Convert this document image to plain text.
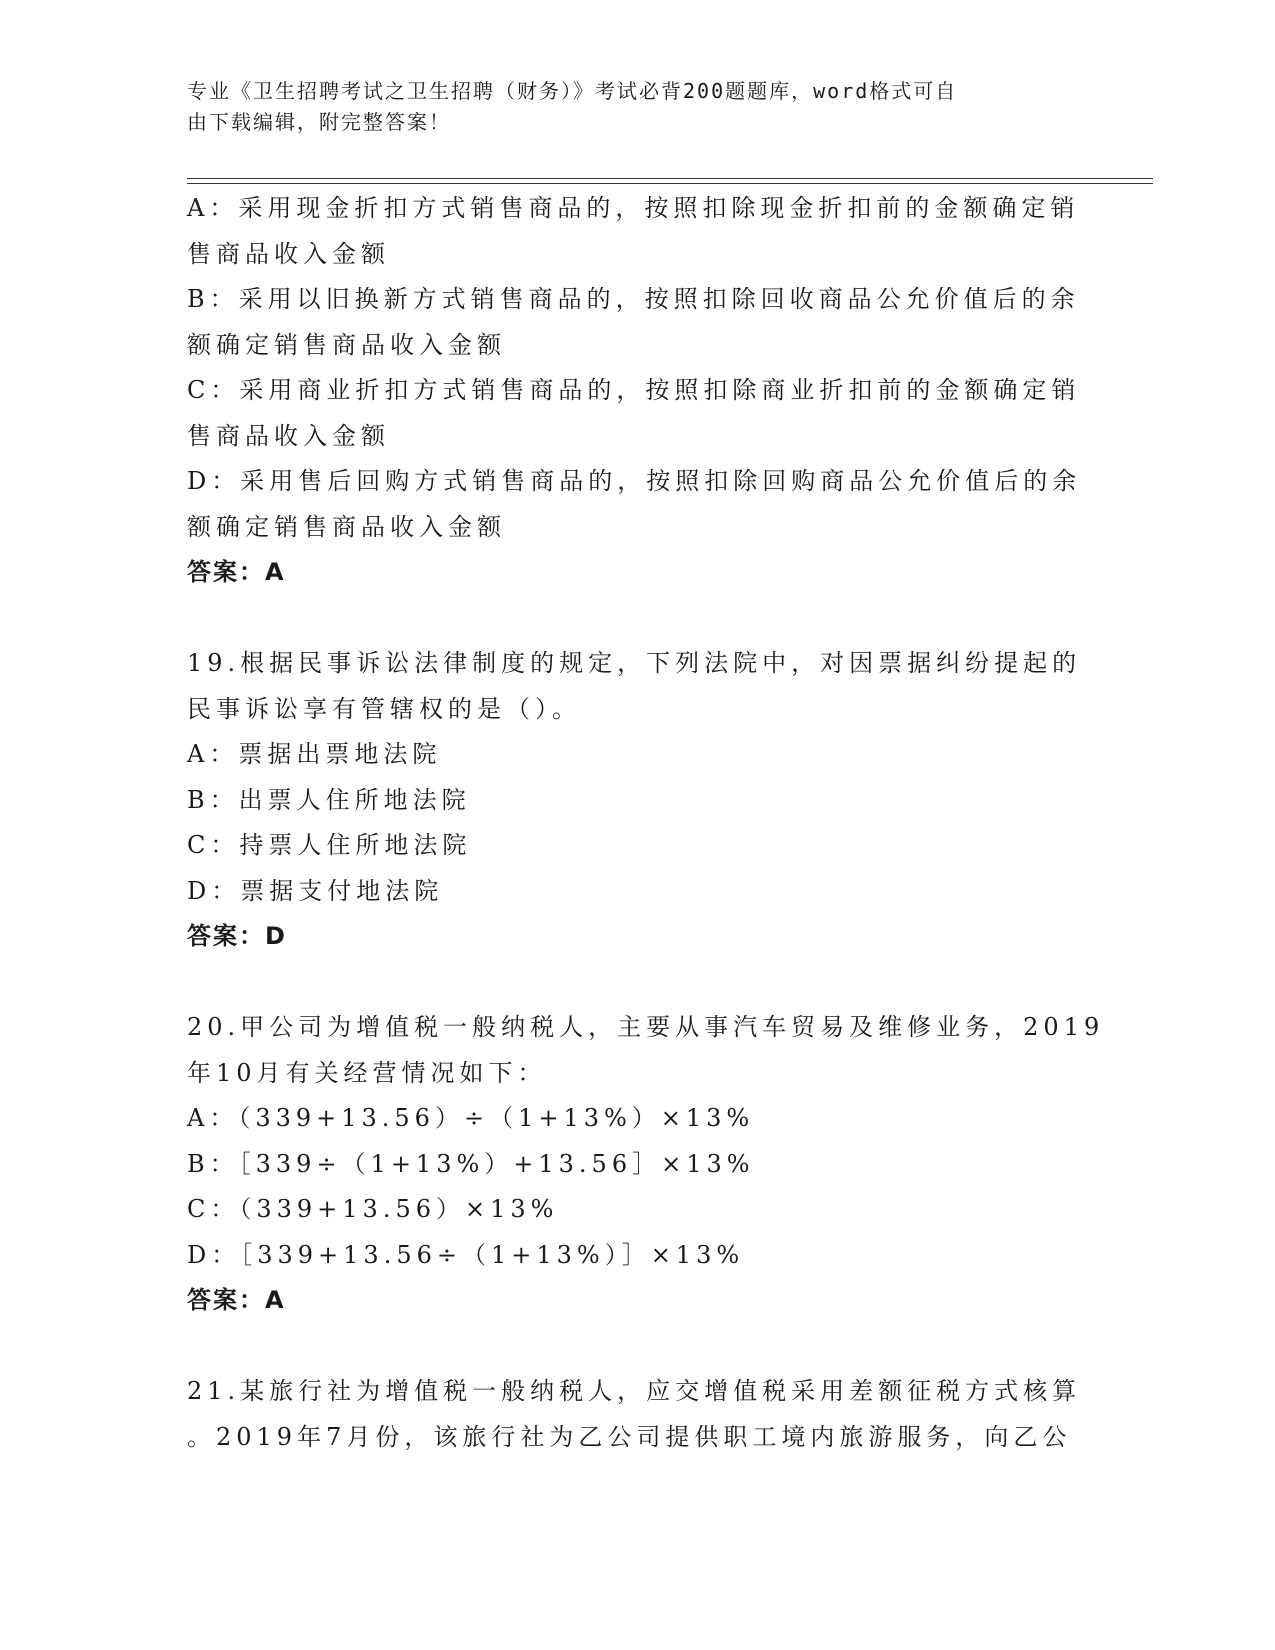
专业《卫生招聘考试之卫生招聘（财务）》考试必背200题题库，word格式可自
由下载编辑，附完整答案！
A：采用现金折扣方式销售商品的，按照扣除现金折扣前的金额确定销
售商品收入金额
B：采用以旧换新方式销售商品的，按照扣除回收商品公允价值后的余
额确定销售商品收入金额
C：采用商业折扣方式销售商品的，按照扣除商业折扣前的金额确定销
售商品收入金额
D：采用售后回购方式销售商品的，按照扣除回购商品公允价值后的余
额确定销售商品收入金额
答案：A
19.根据民事诉讼法律制度的规定，下列法院中，对因票据纠纷提起的
民事诉讼享有管辖权的是（）。
A：票据出票地法院
B：出票人住所地法院
C：持票人住所地法院
D：票据支付地法院
答案：D
20.甲公司为增值税一般纳税人，主要从事汽车贸易及维修业务，2019
年10月有关经营情况如下：
A：（339+13.56）÷（1+13%）×13%
B：［339÷（1+13%）+13.56］×13%
C：（339+13.56）×13%
D：［339+13.56÷（1+13%）］×13%
答案：A
21.某旅行社为增值税一般纳税人，应交增值税采用差额征税方式核算
。2019年7月份，该旅行社为乙公司提供职工境内旅游服务，向乙公
